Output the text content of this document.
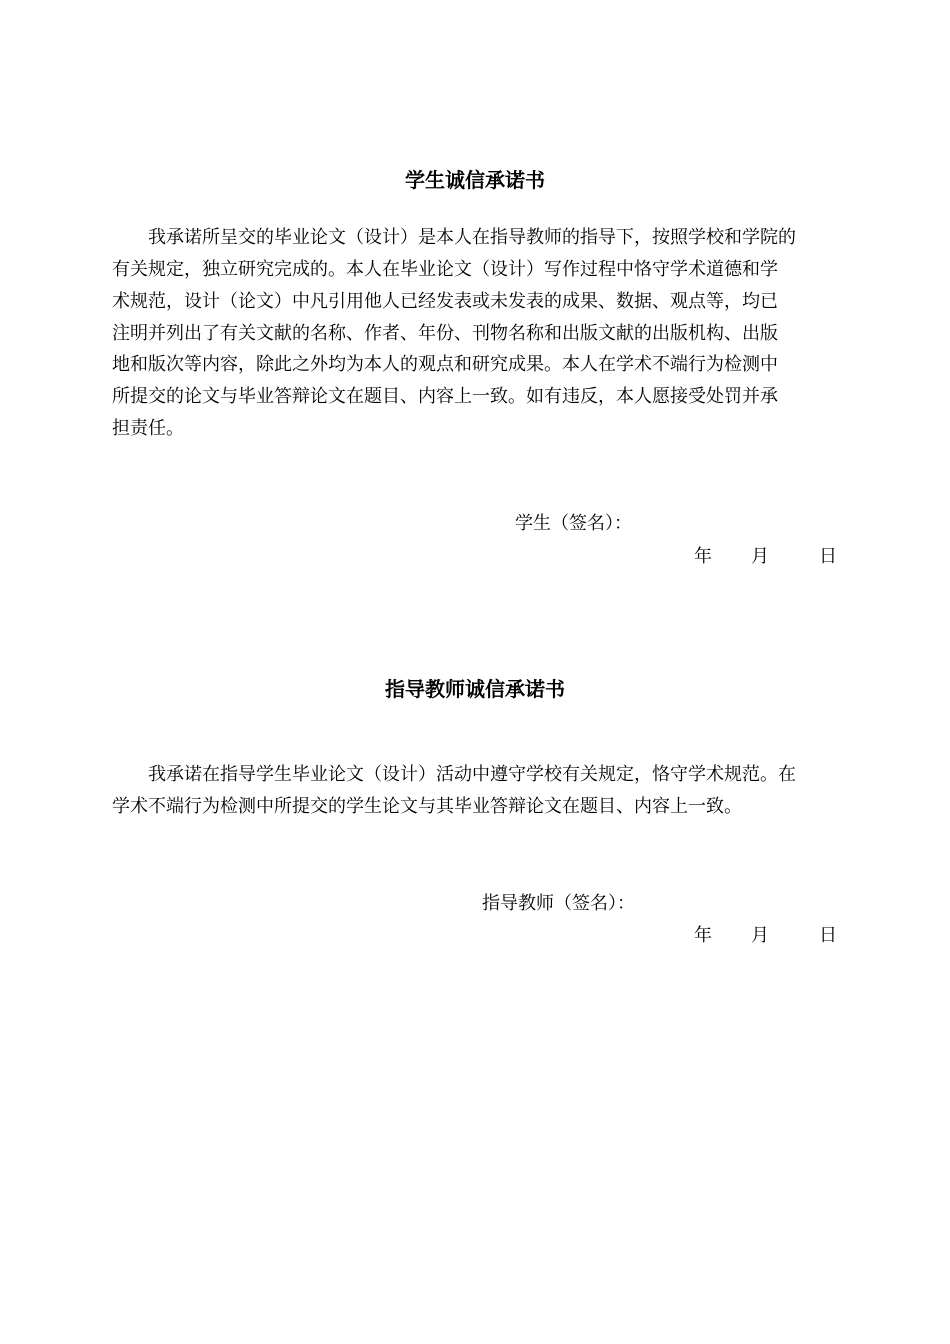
学生诚信承诺书

　　我承诺所呈交的毕业论文（设计）是本人在指导教师的指导下，按照学校和学院的

有关规定，独立研究完成的。本人在毕业论文（设计）写作过程中恪守学术道德和学

术规范，设计（论文）中凡引用他人已经发表或未发表的成果、数据、观点等，均已

注明并列出了有关文献的名称、作者、年份、刊物名称和出版文献的出版机构、出版

地和版次等内容，除此之外均为本人的观点和研究成果。本人在学术不端行为检测中

所提交的论文与毕业答辩论文在题目、内容上一致。如有违反，本人愿接受处罚并承

担责任。

学生（签名）：
年 月	日
指导教师诚信承诺书

　　我承诺在指导学生毕业论文（设计）活动中遵守学校有关规定，恪守学术规范。在

学术不端行为检测中所提交的学生论文与其毕业答辩论文在题目、内容上一致。

指导教师（签名）：
年 月	日
